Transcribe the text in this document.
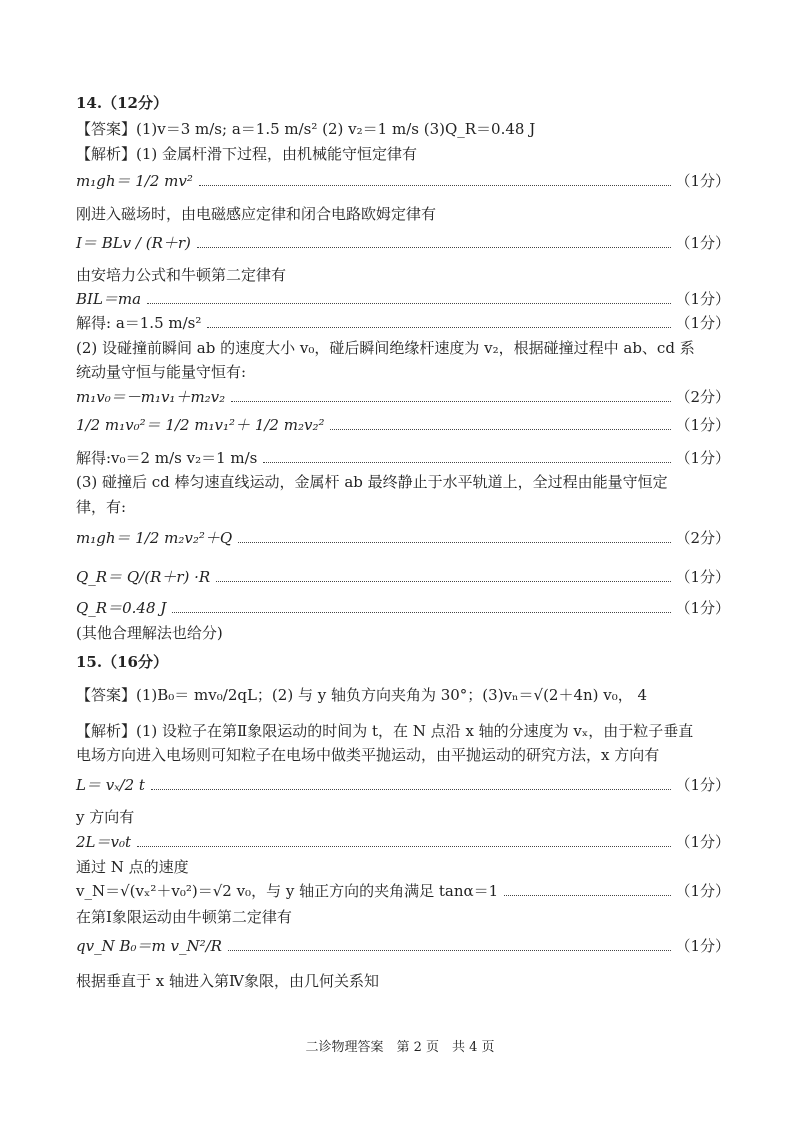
14.（12分）
【答案】(1)v＝3 m/s; a＝1.5 m/s² (2) v₂＝1 m/s (3)Q_R＝0.48 J
【解析】(1) 金属杆滑下过程，由机械能守恒定律有
m₁gh＝ 1/2 mv²	（1分）
刚进入磁场时，由电磁感应定律和闭合电路欧姆定律有
I＝ BLv / (R＋r)	（1分）
由安培力公式和牛顿第二定律有
BIL＝ma	（1分）
解得: a＝1.5 m/s²	（1分）
(2) 设碰撞前瞬间 ab 的速度大小 v₀，碰后瞬间绝缘杆速度为 v₂，根据碰撞过程中 ab、cd 系
统动量守恒与能量守恒有:
m₁v₀＝－m₁v₁＋m₂v₂	（2分）
1/2 m₁v₀²＝ 1/2 m₁v₁²＋ 1/2 m₂v₂²	（1分）
解得:v₀＝2 m/s v₂＝1 m/s	（1分）
(3) 碰撞后 cd 棒匀速直线运动，金属杆 ab 最终静止于水平轨道上，全过程由能量守恒定
律，有:
m₁gh＝ 1/2 m₂v₂²＋Q	（2分）
Q_R＝ Q/(R＋r) ·R	（1分）
Q_R＝0.48 J	（1分）
(其他合理解法也给分)
15.（16分）
【答案】(1)B₀＝ mv₀/2qL；(2) 与 y 轴负方向夹角为 30°；(3)vₙ＝√(2＋4n) v₀， 4
【解析】(1) 设粒子在第Ⅱ象限运动的时间为 t，在 N 点沿 x 轴的分速度为 vₓ，由于粒子垂直
电场方向进入电场则可知粒子在电场中做类平抛运动，由平抛运动的研究方法，x 方向有
L＝ vₓ/2 t	（1分）
y 方向有
2L＝v₀t	（1分）
通过 N 点的速度
v_N＝√(vₓ²＋v₀²)＝√2 v₀，与 y 轴正方向的夹角满足 tanα＝1	（1分）
在第Ⅰ象限运动由牛顿第二定律有
qv_N B₀＝m v_N²/R	（1分）
根据垂直于 x 轴进入第Ⅳ象限，由几何关系知
二诊物理答案　第 2 页　共 4 页
